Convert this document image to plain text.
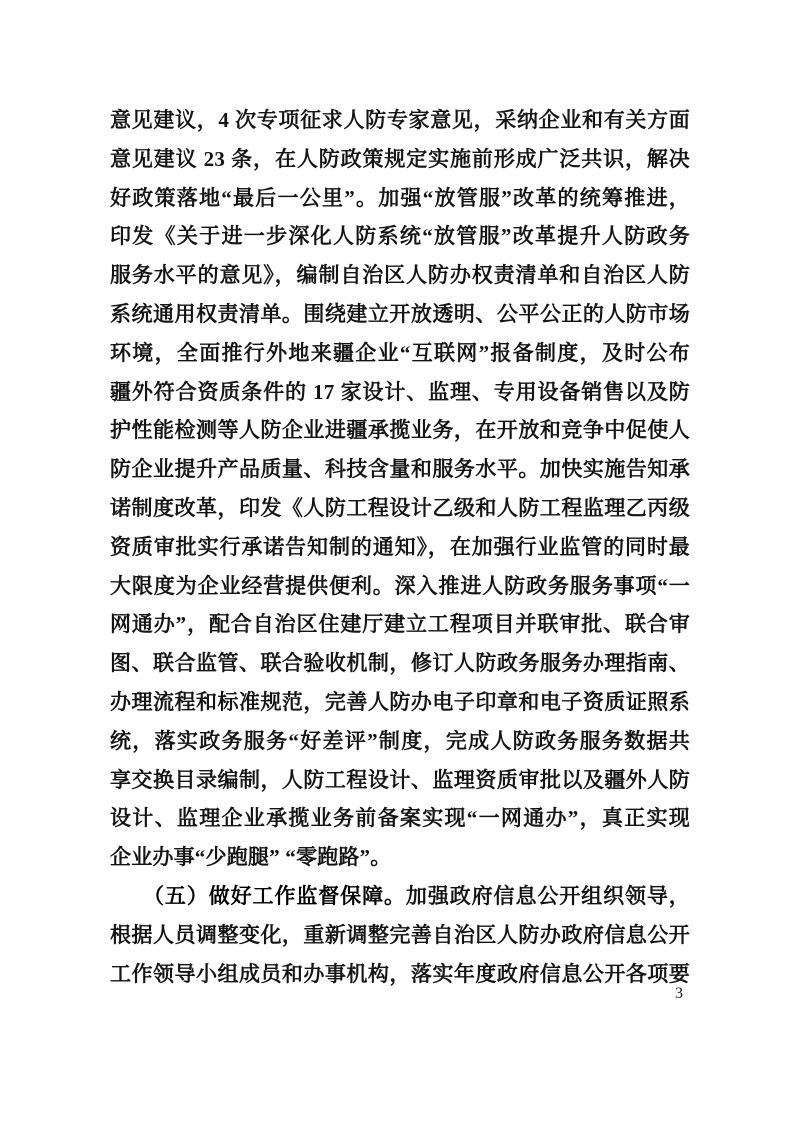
意见建议，4 次专项征求人防专家意见，采纳企业和有关方面
意见建议 23 条，在人防政策规定实施前形成广泛共识，解决
好政策落地“最后一公里”。加强“放管服”改革的统筹推进，
印发《关于进一步深化人防系统“放管服”改革提升人防政务
服务水平的意见》，编制自治区人防办权责清单和自治区人防
系统通用权责清单。围绕建立开放透明、公平公正的人防市场
环境，全面推行外地来疆企业“互联网”报备制度，及时公布
疆外符合资质条件的 17 家设计、监理、专用设备销售以及防
护性能检测等人防企业进疆承揽业务，在开放和竞争中促使人
防企业提升产品质量、科技含量和服务水平。加快实施告知承
诺制度改革，印发《人防工程设计乙级和人防工程监理乙丙级
资质审批实行承诺告知制的通知》，在加强行业监管的同时最
大限度为企业经营提供便利。深入推进人防政务服务事项“一
网通办”，配合自治区住建厅建立工程项目并联审批、联合审
图、联合监管、联合验收机制，修订人防政务服务办理指南、
办理流程和标准规范，完善人防办电子印章和电子资质证照系
统，落实政务服务“好差评”制度，完成人防政务服务数据共
享交换目录编制，人防工程设计、监理资质审批以及疆外人防
设计、监理企业承揽业务前备案实现“一网通办”，真正实现
企业办事“少跑腿” “零跑路”。
（五）做好工作监督保障。加强政府信息公开组织领导，
根据人员调整变化，重新调整完善自治区人防办政府信息公开
工作领导小组成员和办事机构，落实年度政府信息公开各项要
3
